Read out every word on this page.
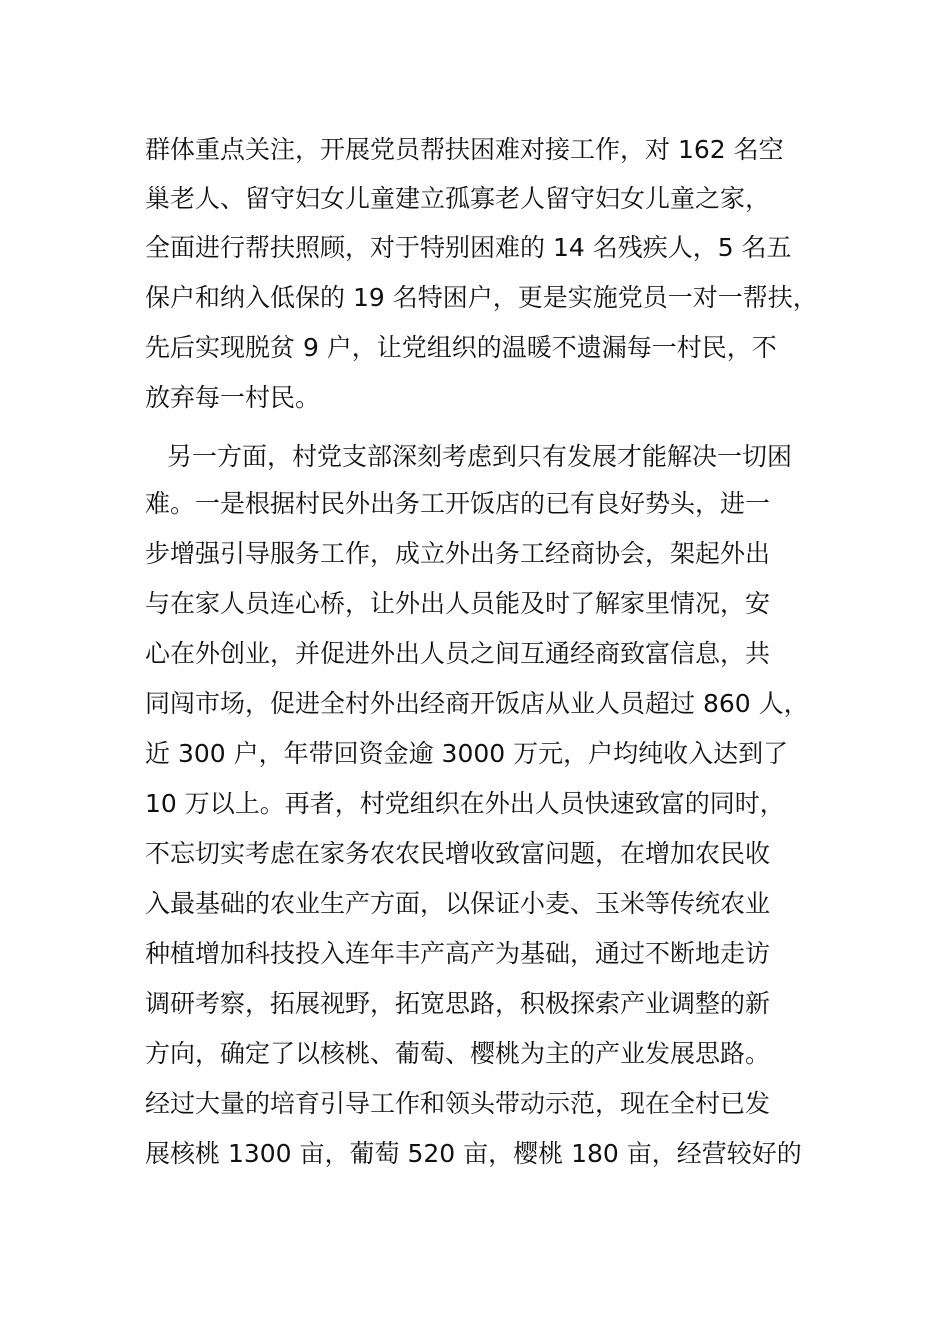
群体重点关注，开展党员帮扶困难对接工作，对 162 名空
巢老人、留守妇女儿童建立孤寡老人留守妇女儿童之家，
全面进行帮扶照顾，对于特别困难的 14 名残疾人，5 名五
保户和纳入低保的 19 名特困户，更是实施党员一对一帮扶，
先后实现脱贫 9 户，让党组织的温暖不遗漏每一村民，不
放弃每一村民。
另一方面，村党支部深刻考虑到只有发展才能解决一切困
难。一是根据村民外出务工开饭店的已有良好势头，进一
步增强引导服务工作，成立外出务工经商协会，架起外出
与在家人员连心桥，让外出人员能及时了解家里情况，安
心在外创业，并促进外出人员之间互通经商致富信息，共
同闯市场，促进全村外出经商开饭店从业人员超过 860 人，
近 300 户，年带回资金逾 3000 万元，户均纯收入达到了
10 万以上。再者，村党组织在外出人员快速致富的同时，
不忘切实考虑在家务农农民增收致富问题，在增加农民收
入最基础的农业生产方面，以保证小麦、玉米等传统农业
种植增加科技投入连年丰产高产为基础，通过不断地走访
调研考察，拓展视野，拓宽思路，积极探索产业调整的新
方向，确定了以核桃、葡萄、樱桃为主的产业发展思路。
经过大量的培育引导工作和领头带动示范，现在全村已发
展核桃 1300 亩，葡萄 520 亩，樱桃 180 亩，经营较好的
